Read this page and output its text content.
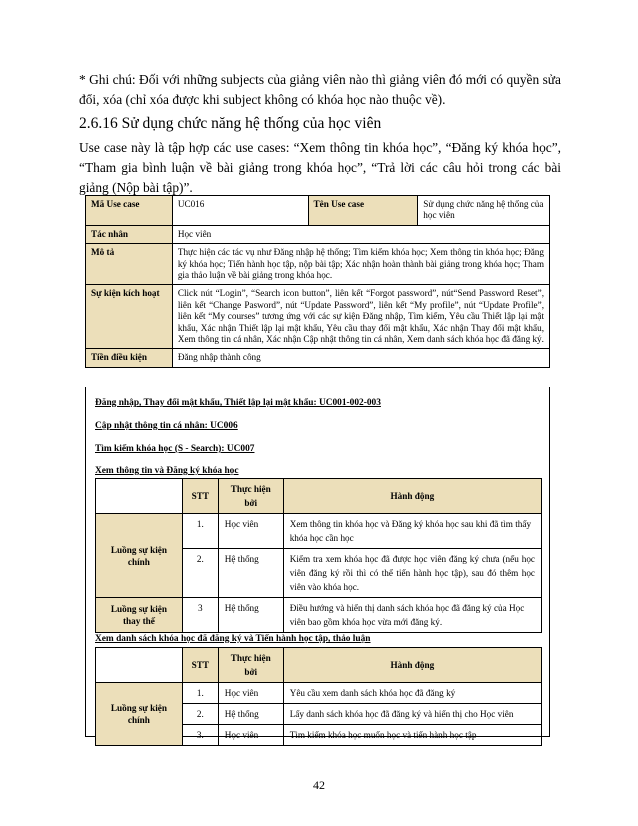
* Ghi chú: Đối với những subjects của giảng viên nào thì giảng viên đó mới có quyền sửa đổi, xóa (chỉ xóa được khi subject không có khóa học nào thuộc về).

2.6.16 Sử dụng chức năng hệ thống của học viên

Use case này là tập hợp các use cases: “Xem thông tin khóa học”, “Đăng ký khóa học”, “Tham gia bình luận về bài giảng trong khóa học”, “Trả lời các câu hỏi trong các bài giảng (Nộp bài tập)”.

Mã Use case	UC016	Tên Use case	Sử dụng chức năng hệ thống của học viên
Tác nhân	Học viên		
Mô tả	Thực hiện các tác vụ như Đăng nhập hệ thống; Tìm kiếm khóa học; Xem thông tin khóa học; Đăng ký khóa học; Tiến hành học tập, nộp bài tập; Xác nhận hoàn thành bài giảng trong khóa học; Tham gia thảo luận về bài giảng trong khóa học.		
Sự kiện kích hoạt	Click nút “Login”, “Search icon button”, liên kết “Forgot password”, nút“Send Password Reset”, liên kết “Change Pasword”, nút “Update Password”, liên kết “My profile”, nút “Update Profile”, liên kết “My courses” tương ứng với các sự kiện Đăng nhập, Tìm kiếm, Yêu cầu Thiết lập lại mật khẩu, Xác nhận Thiết lập lại mật khẩu, Yêu cầu thay đổi mật khẩu, Xác nhận Thay đổi mật khẩu, Xem thông tin cá nhân, Xác nhận Cập nhật thông tin cá nhân, Xem danh sách khóa học đã đăng ký.		
Tiền điều kiện	Đăng nhập thành công		
Đăng nhập, Thay đổi mật khẩu, Thiết lập lại mật khẩu: UC001-002-003
Cập nhật thông tin cá nhân: UC006
Tìm kiếm khóa học (S - Search): UC007
Xem thông tin và Đăng ký khóa học
	STT	Thực hiện bởi	Hành động
Luồng sự kiện chính	1.	Học viên	Xem thông tin khóa học và Đăng ký khóa học sau khi đã tìm thấy khóa học cần học
	2.	Hệ thống	Kiểm tra xem khóa học đã được học viên đăng ký chưa (nếu học viên đăng ký rồi thì có thể tiến hành học tập), sau đó thêm học viên vào khóa học.
Luồng sự kiện thay thế	3	Hệ thống	Điều hướng và hiển thị danh sách khóa học đã đăng ký của Học viên bao gồm khóa học vừa mới đăng ký.
Xem danh sách khóa học đã đăng ký và Tiến hành học tập, thảo luận
	STT	Thực hiện bởi	Hành động
Luồng sự kiện chính	1.	Học viên	Yêu cầu xem danh sách khóa học đã đăng ký
	2.	Hệ thống	Lấy danh sách khóa học đã đăng ký và hiển thị cho Học viên
	3.	Học viên	Tìm kiếm khóa học muốn học và tiến hành học tập
42
